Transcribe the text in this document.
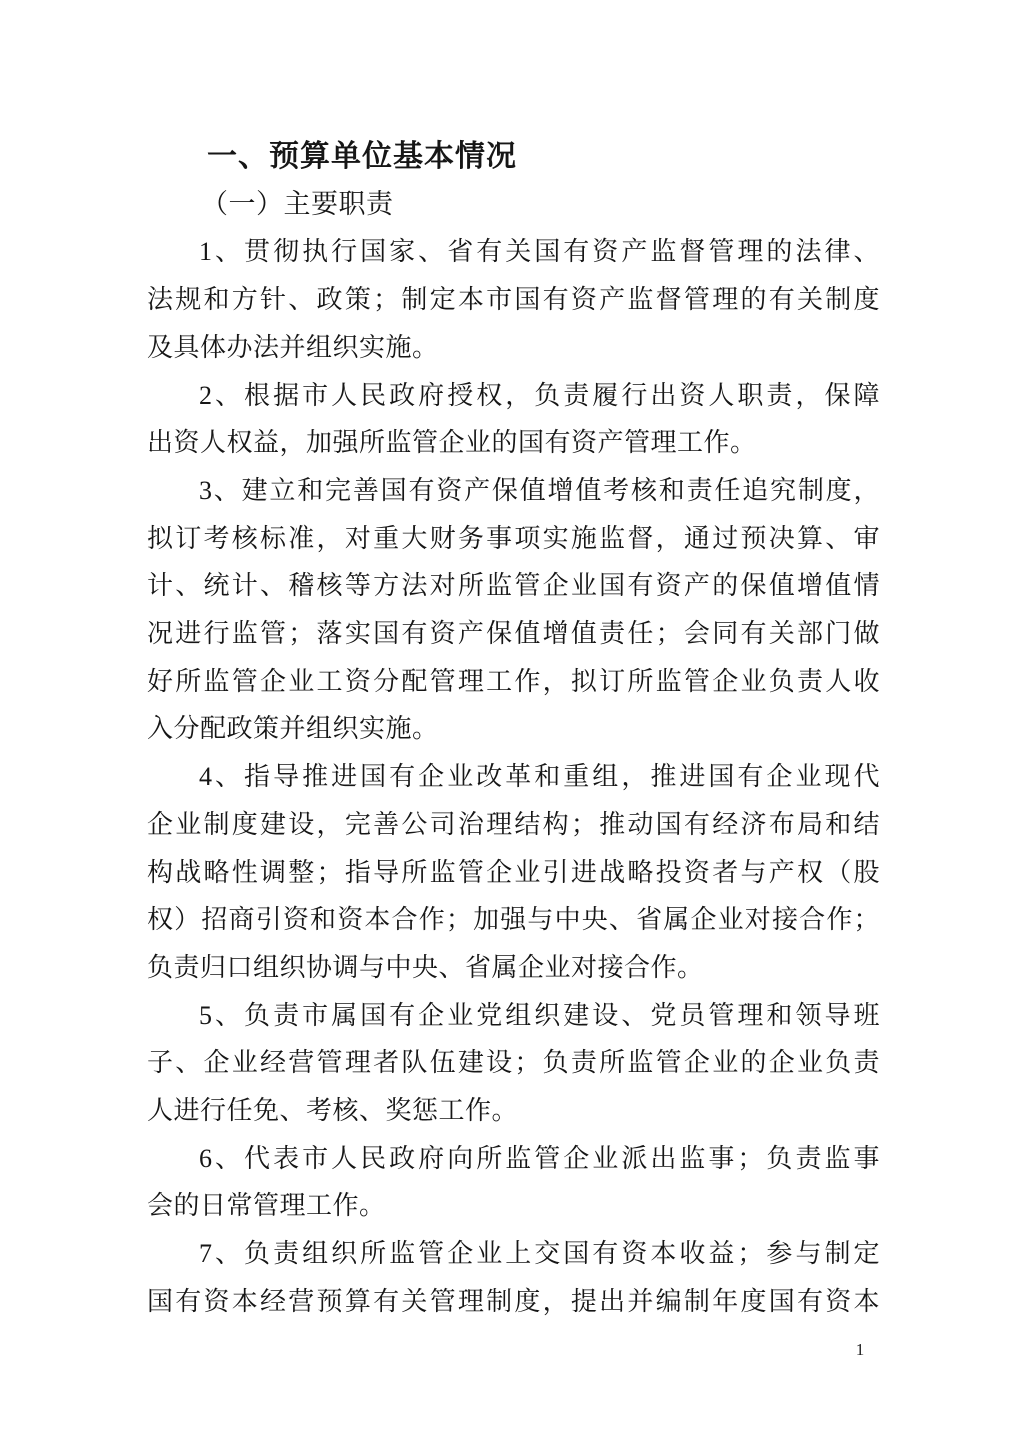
一、预算单位基本情况
（一）主要职责
1、贯彻执行国家、省有关国有资产监督管理的法律、
法规和方针、政策；制定本市国有资产监督管理的有关制度
及具体办法并组织实施。
2、根据市人民政府授权，负责履行出资人职责，保障
出资人权益，加强所监管企业的国有资产管理工作。
3、建立和完善国有资产保值增值考核和责任追究制度，
拟订考核标准，对重大财务事项实施监督，通过预决算、审
计、统计、稽核等方法对所监管企业国有资产的保值增值情
况进行监管；落实国有资产保值增值责任；会同有关部门做
好所监管企业工资分配管理工作，拟订所监管企业负责人收
入分配政策并组织实施。
4、指导推进国有企业改革和重组，推进国有企业现代
企业制度建设，完善公司治理结构；推动国有经济布局和结
构战略性调整；指导所监管企业引进战略投资者与产权（股
权）招商引资和资本合作；加强与中央、省属企业对接合作；
负责归口组织协调与中央、省属企业对接合作。
5、负责市属国有企业党组织建设、党员管理和领导班
子、企业经营管理者队伍建设；负责所监管企业的企业负责
人进行任免、考核、奖惩工作。
6、代表市人民政府向所监管企业派出监事；负责监事
会的日常管理工作。
7、负责组织所监管企业上交国有资本收益；参与制定
国有资本经营预算有关管理制度，提出并编制年度国有资本
1
